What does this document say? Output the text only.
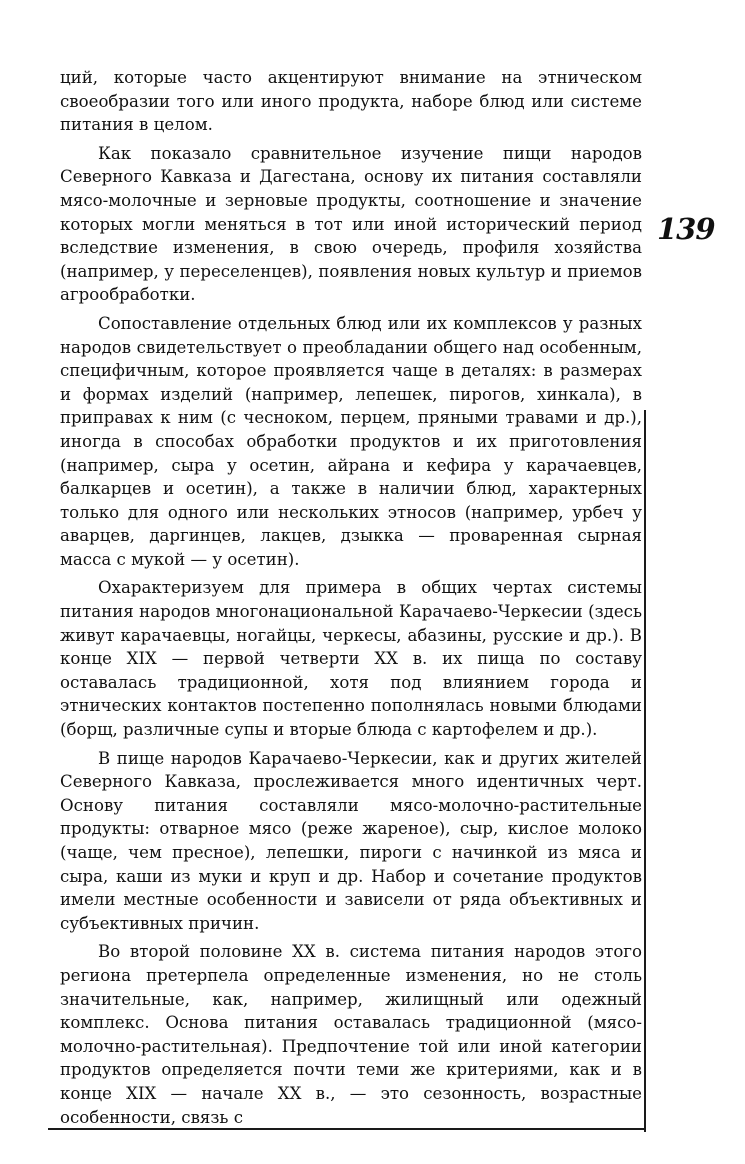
139

ций, которые часто акцентируют внимание на этническом своеобразии того или иного продукта, наборе блюд или системе питания в целом.

Как показало сравнительное изучение пищи народов Северного Кавказа и Дагестана, основу их питания составляли мясо-молочные и зерновые продукты, соотношение и значение которых могли меняться в тот или иной исторический период вследствие изменения, в свою очередь, профиля хозяйства (например, у переселенцев), появления новых культур и приемов агрообработки.

Сопоставление отдельных блюд или их комплексов у разных народов свидетельствует о преобладании общего над особенным, специфичным, которое проявляется чаще в деталях: в размерах и формах изделий (например, лепешек, пирогов, хинкала), в приправах к ним (с чесноком, перцем, пряными травами и др.), иногда в способах обработки продуктов и их приготовления (например, сыра у осетин, айрана и кефира у карачаевцев, балкарцев и осетин), а также в наличии блюд, характерных только для одного или нескольких этносов (например, урбеч у аварцев, даргинцев, лакцев, дзыкка — проваренная сырная масса с мукой — у осетин).

Охарактеризуем для примера в общих чертах системы питания народов многонациональной Карачаево-Черкесии (здесь живут карачаевцы, ногайцы, черкесы, абазины, русские и др.). В конце XIX — первой четверти XX в. их пища по составу оставалась традиционной, хотя под влиянием города и этнических контактов постепенно пополнялась новыми блюдами (борщ, различные супы и вторые блюда с картофелем и др.).

В пище народов Карачаево-Черкесии, как и других жителей Северного Кавказа, прослеживается много идентичных черт. Основу питания составляли мясо-молочно-растительные продукты: отварное мясо (реже жареное), сыр, кислое молоко (чаще, чем пресное), лепешки, пироги с начинкой из мяса и сыра, каши из муки и круп и др. Набор и сочетание продуктов имели местные особенности и зависели от ряда объективных и субъективных причин.

Во второй половине XX в. система питания народов этого региона претерпела определенные изменения, но не столь значительные, как, например, жилищный или одежный комплекс. Основа питания оставалась традиционной (мясо-молочно-растительная). Предпочтение той или иной категории продуктов определяется почти теми же критериями, как и в конце XIX — начале XX в., — это сезонность, возрастные особенности, связь с
